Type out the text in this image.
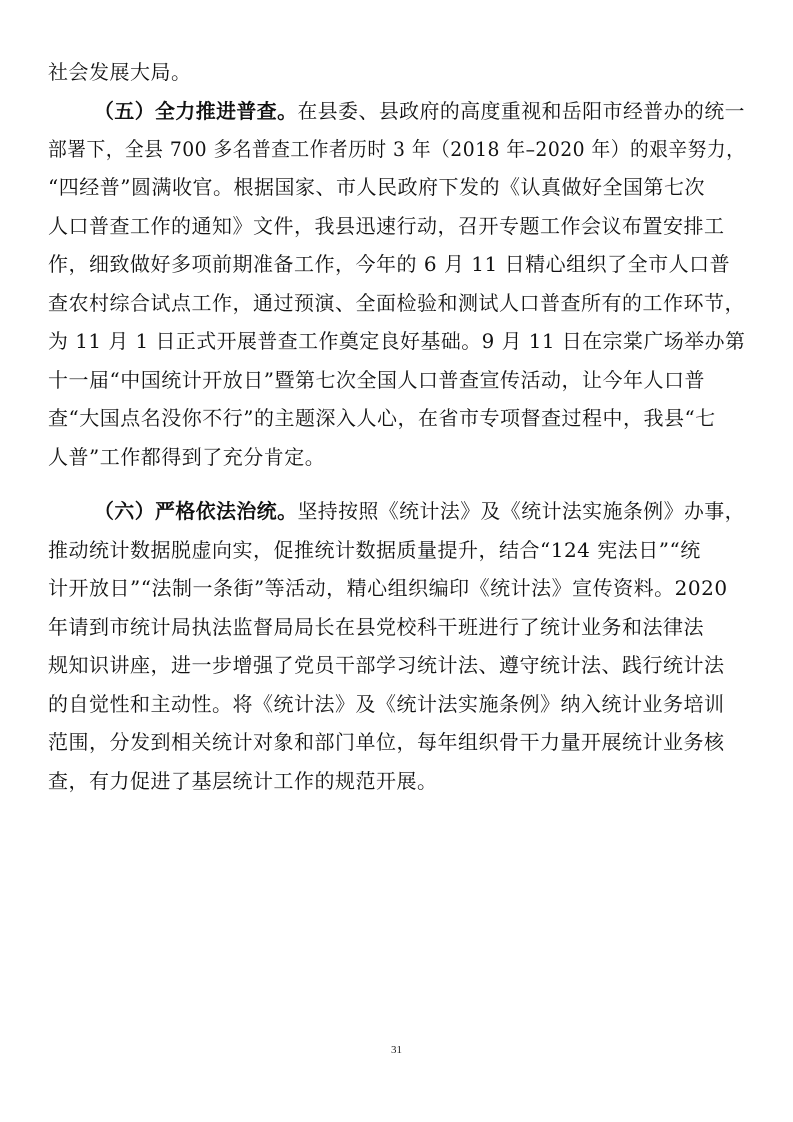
社会发展大局。
（五）全力推进普查。在县委、县政府的高度重视和岳阳市经普办的统一
部署下，全县 700 多名普查工作者历时 3 年（2018 年–2020 年）的艰辛努力，
“四经普”圆满收官。根据国家、市人民政府下发的《认真做好全国第七次
人口普查工作的通知》文件，我县迅速行动，召开专题工作会议布置安排工
作，细致做好多项前期准备工作，今年的 6 月 11 日精心组织了全市人口普
查农村综合试点工作，通过预演、全面检验和测试人口普查所有的工作环节，
为 11 月 1 日正式开展普查工作奠定良好基础。9 月 11 日在宗棠广场举办第
十一届“中国统计开放日”暨第七次全国人口普查宣传活动，让今年人口普
查“大国点名没你不行”的主题深入人心，在省市专项督查过程中，我县“七
人普”工作都得到了充分肯定。
（六）严格依法治统。坚持按照《统计法》及《统计法实施条例》办事，
推动统计数据脱虚向实，促推统计数据质量提升，结合“124 宪法日”“统
计开放日”“法制一条街”等活动，精心组织编印《统计法》宣传资料。2020
年请到市统计局执法监督局局长在县党校科干班进行了统计业务和法律法
规知识讲座，进一步增强了党员干部学习统计法、遵守统计法、践行统计法
的自觉性和主动性。将《统计法》及《统计法实施条例》纳入统计业务培训
范围，分发到相关统计对象和部门单位，每年组织骨干力量开展统计业务核
查，有力促进了基层统计工作的规范开展。
31
